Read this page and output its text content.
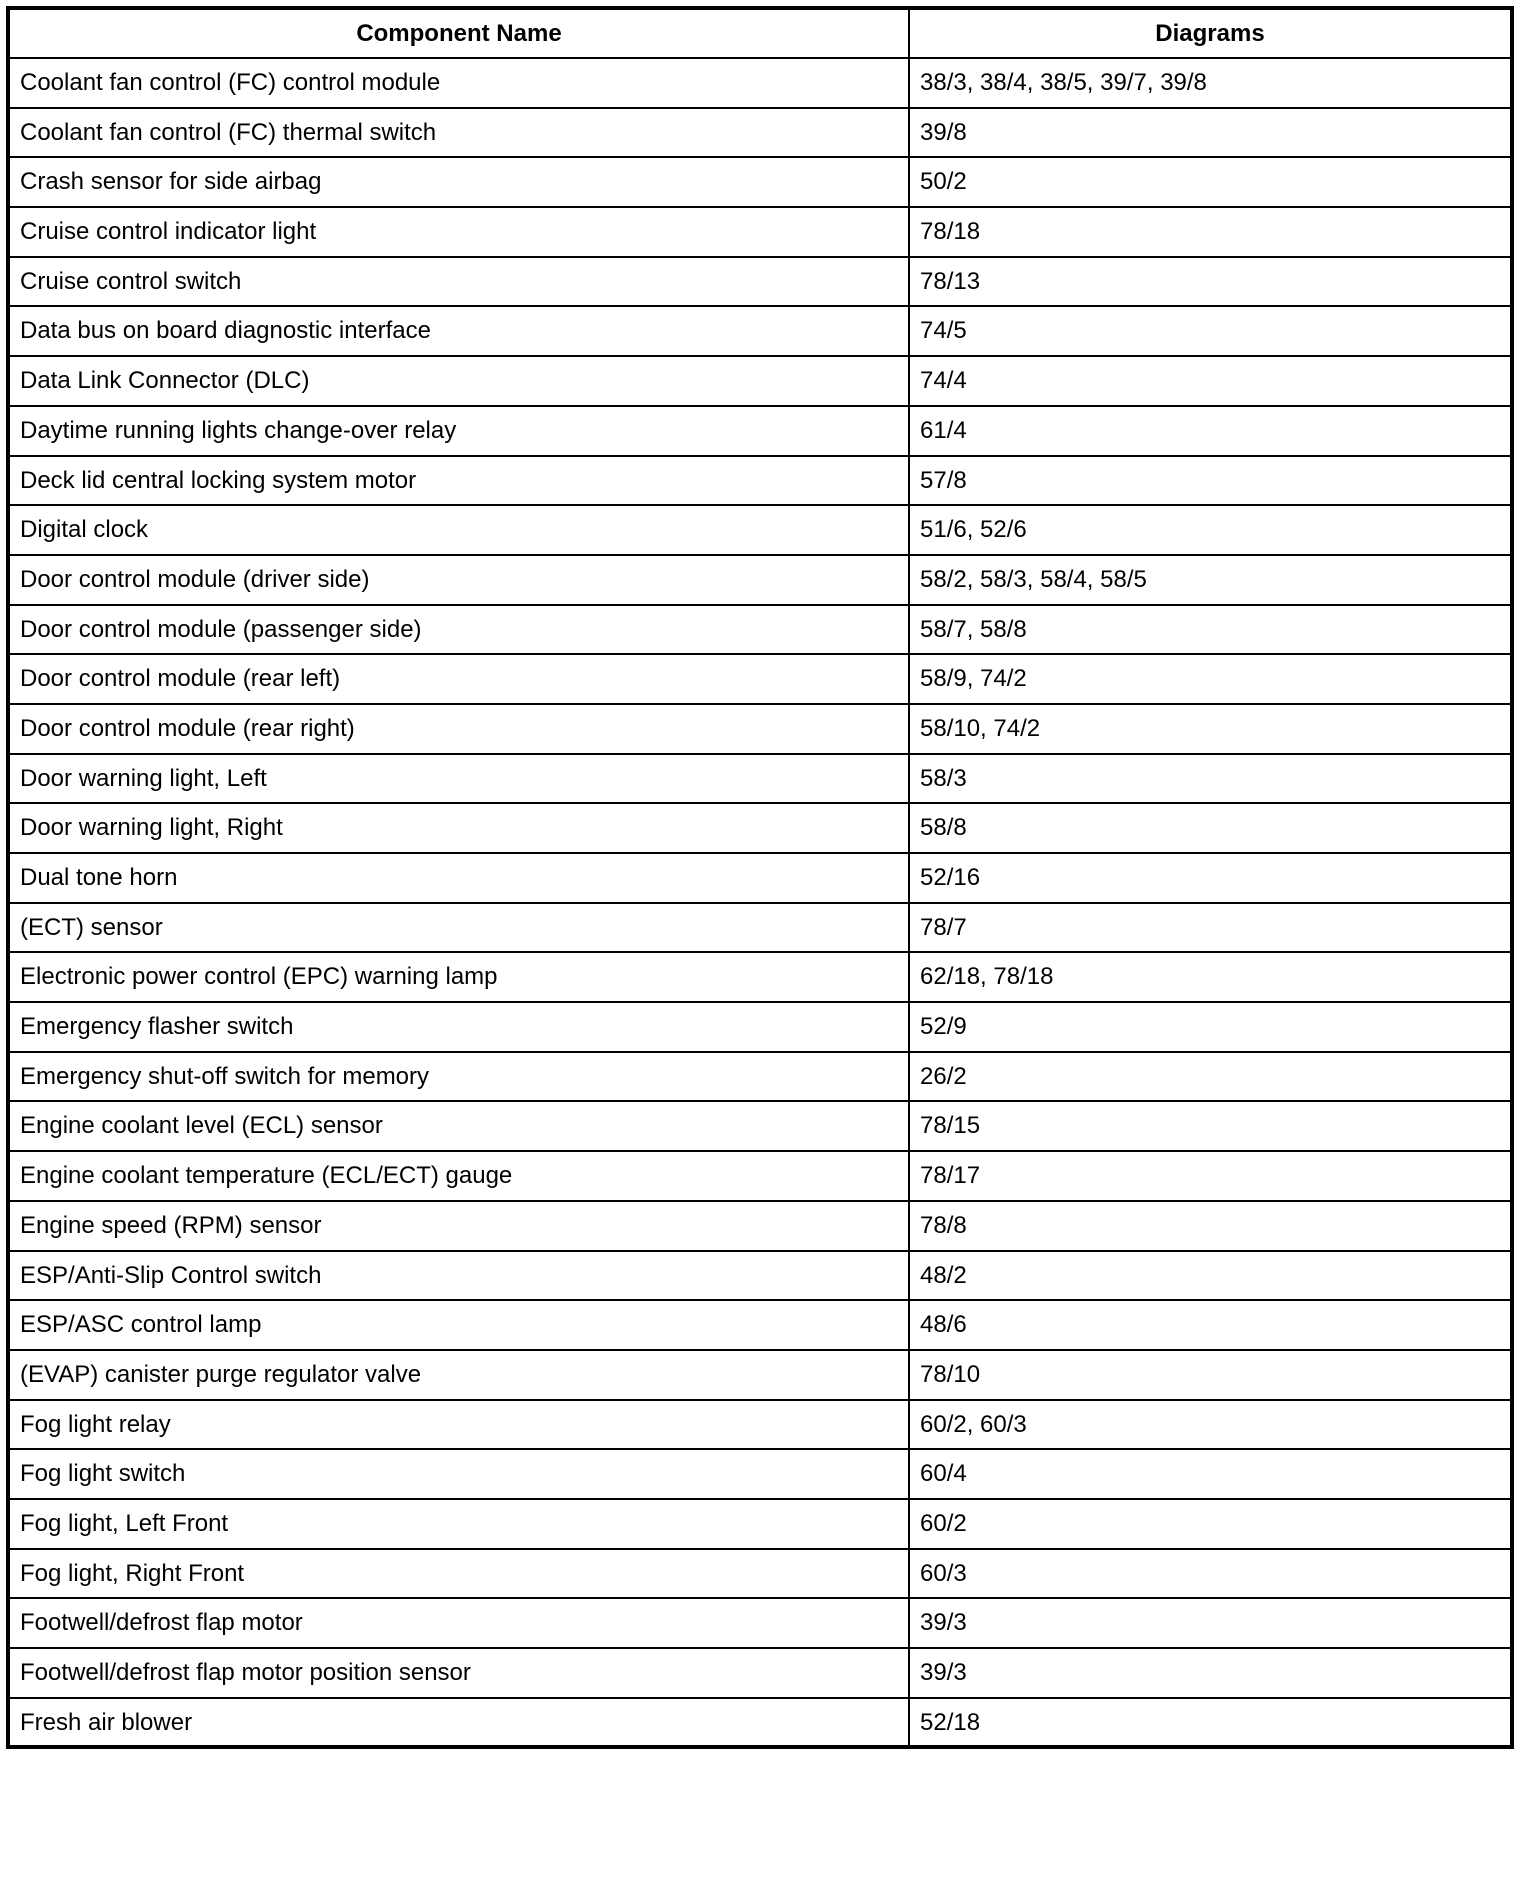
Component Name	Diagrams
Coolant fan control (FC) control module	38/3, 38/4, 38/5, 39/7, 39/8
Coolant fan control (FC) thermal switch	39/8
Crash sensor for side airbag	50/2
Cruise control indicator light	78/18
Cruise control switch	78/13
Data bus on board diagnostic interface	74/5
Data Link Connector (DLC)	74/4
Daytime running lights change-over relay	61/4
Deck lid central locking system motor	57/8
Digital clock	51/6, 52/6
Door control module (driver side)	58/2, 58/3, 58/4, 58/5
Door control module (passenger side)	58/7, 58/8
Door control module (rear left)	58/9, 74/2
Door control module (rear right)	58/10, 74/2
Door warning light, Left	58/3
Door warning light, Right	58/8
Dual tone horn	52/16
(ECT) sensor	78/7
Electronic power control (EPC) warning lamp	62/18, 78/18
Emergency flasher switch	52/9
Emergency shut-off switch for memory	26/2
Engine coolant level (ECL) sensor	78/15
Engine coolant temperature (ECL/ECT) gauge	78/17
Engine speed (RPM) sensor	78/8
ESP/Anti-Slip Control switch	48/2
ESP/ASC control lamp	48/6
(EVAP) canister purge regulator valve	78/10
Fog light relay	60/2, 60/3
Fog light switch	60/4
Fog light, Left Front	60/2
Fog light, Right Front	60/3
Footwell/defrost flap motor	39/3
Footwell/defrost flap motor position sensor	39/3
Fresh air blower	52/18
